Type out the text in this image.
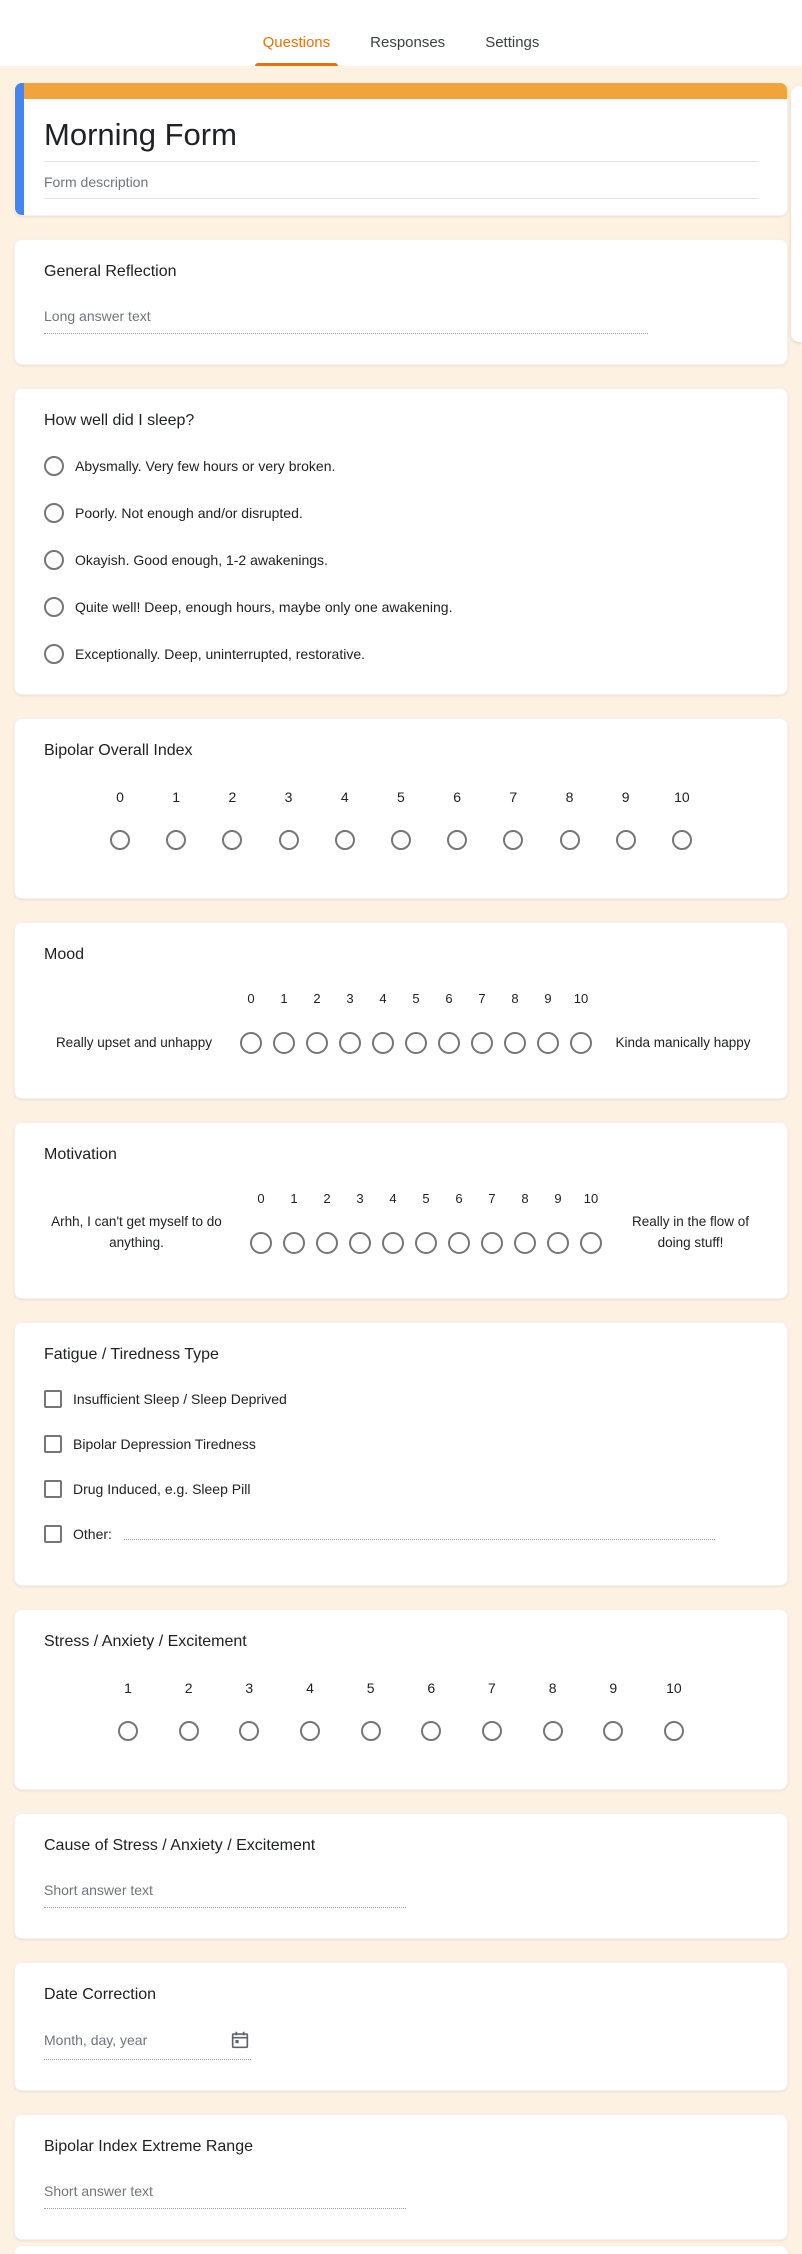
Questions	Responses	Settings
Morning Form
Form description
General Reflection
Long answer text
How well did I sleep?
Abysmally. Very few hours or very broken.
Poorly. Not enough and/or disrupted.
Okayish. Good enough, 1-2 awakenings.
Quite well! Deep, enough hours, maybe only one awakening.
Exceptionally. Deep, uninterrupted, restorative.
Bipolar Overall Index
0	1	2	3	4	5	6	7	8	9	10
Mood
Really upset and unhappy
0 1 2 3 4 5 6 7 8 9 10
Kinda manically happy
Motivation
Arhh, I can't get myself to do anything.
0 1 2 3 4 5 6 7 8 9 10
Really in the flow of doing stuff!
Fatigue / Tiredness Type
Insufficient Sleep / Sleep Deprived
Bipolar Depression Tiredness
Drug Induced, e.g. Sleep Pill
Other:
Stress / Anxiety / Excitement
1	2	3	4	5	6	7	8	9	10
Cause of Stress / Anxiety / Excitement
Short answer text
Date Correction
Month, day, year
Bipolar Index Extreme Range
Short answer text
